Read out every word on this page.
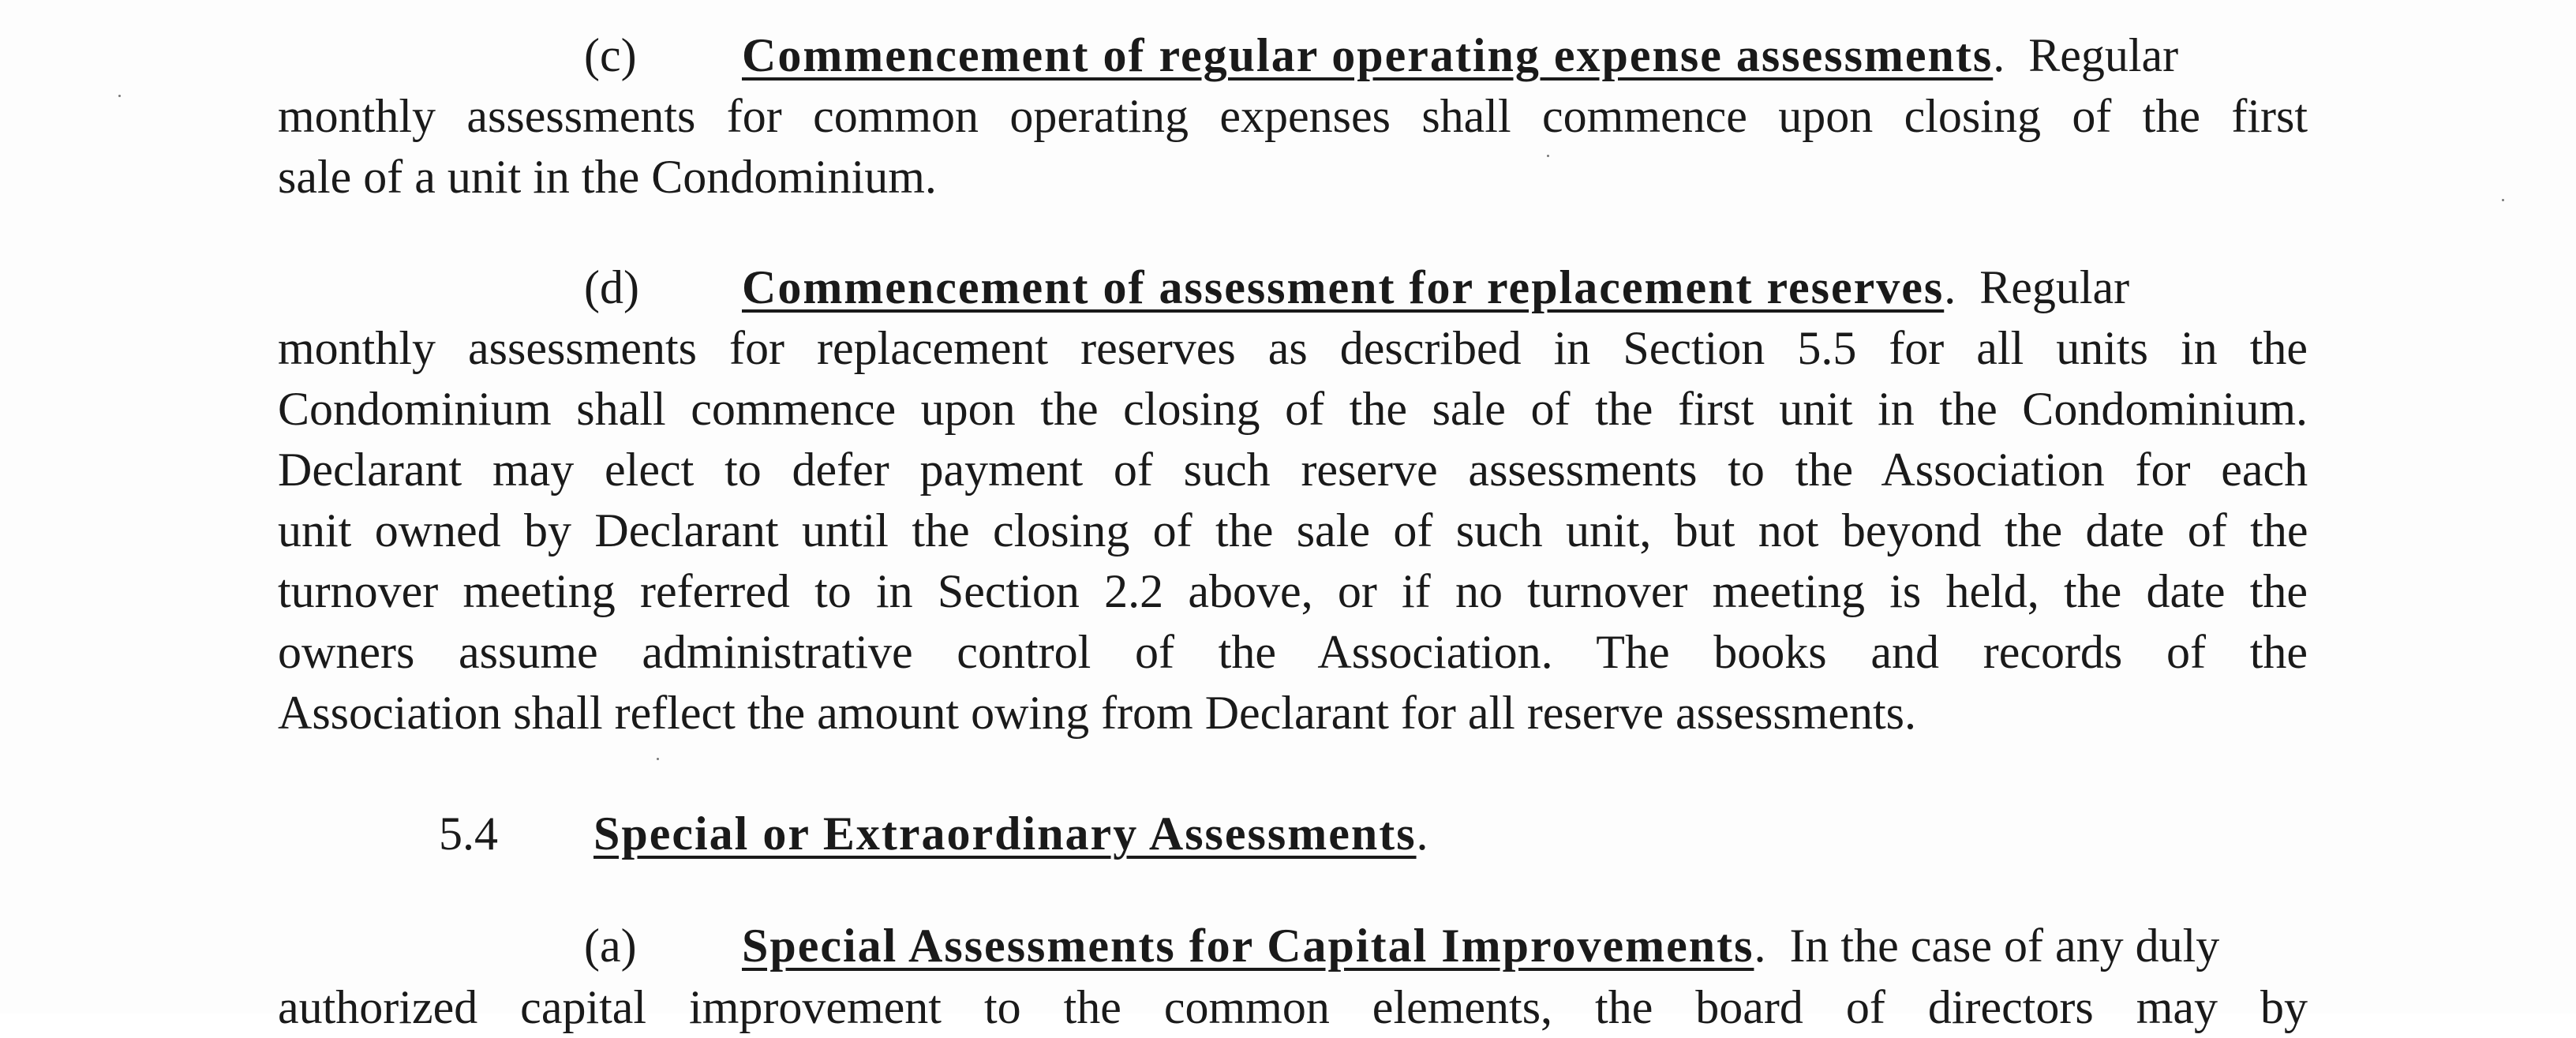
(c)	Commencement of regular operating expense assessments .  Regular
monthly assessments for common operating expenses shall commence upon closing of the first
sale of a unit in the Condominium.
(d)	Commencement of assessment for replacement reserves .  Regular
monthly assessments for replacement reserves as described in Section 5.5 for all units in the
Condominium shall commence upon the closing of the sale of the first unit in the Condominium.
Declarant may elect to defer payment of such reserve assessments to the Association for each
unit owned by Declarant until the closing of the sale of such unit, but not beyond the date of the
turnover meeting referred to in Section 2.2 above, or if no turnover meeting is held, the date the
owners assume administrative control of the Association. The books and records of the
Association shall reflect the amount owing from Declarant for all reserve assessments.
5.4 Special or Extraordinary Assessments.
(a)	Special Assessments for Capital Improvements .  In the case of any duly
authorized capital improvement to the common elements, the board of directors may by
